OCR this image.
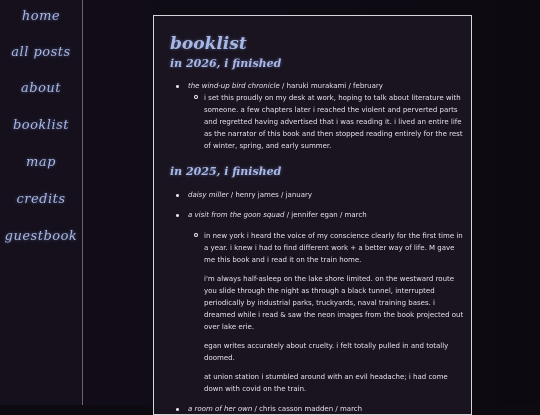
home
all posts
about
booklist
map
credits
guestbook
booklist
in 2026, i finished
the wind-up bird chronicle / haruki murakami / february

i set this proudly on my desk at work, hoping to talk about literature with someone. a few chapters later i reached the violent and perverted parts and regretted having advertised that i was reading it. i lived an entire life as the narrator of this book and then stopped reading entirely for the rest of winter, spring, and early summer.

in 2025, i finished
daisy miller / henry james / january
a visit from the goon squad / jennifer egan / march

in new york i heard the voice of my conscience clearly for the first time in a year. i knew i had to find different work + a better way of life. M gave me this book and i read it on the train home.

i'm always half-asleep on the lake shore limited. on the westward route you slide through the night as through a black tunnel, interrupted periodically by industrial parks, truckyards, naval training bases. i dreamed while i read & saw the neon images from the book projected out over lake erie.

egan writes accurately about cruelty. i felt totally pulled in and totally doomed.

at union station i stumbled around with an evil headache; i had come down with covid on the train.

a room of her own / chris casson madden / march
